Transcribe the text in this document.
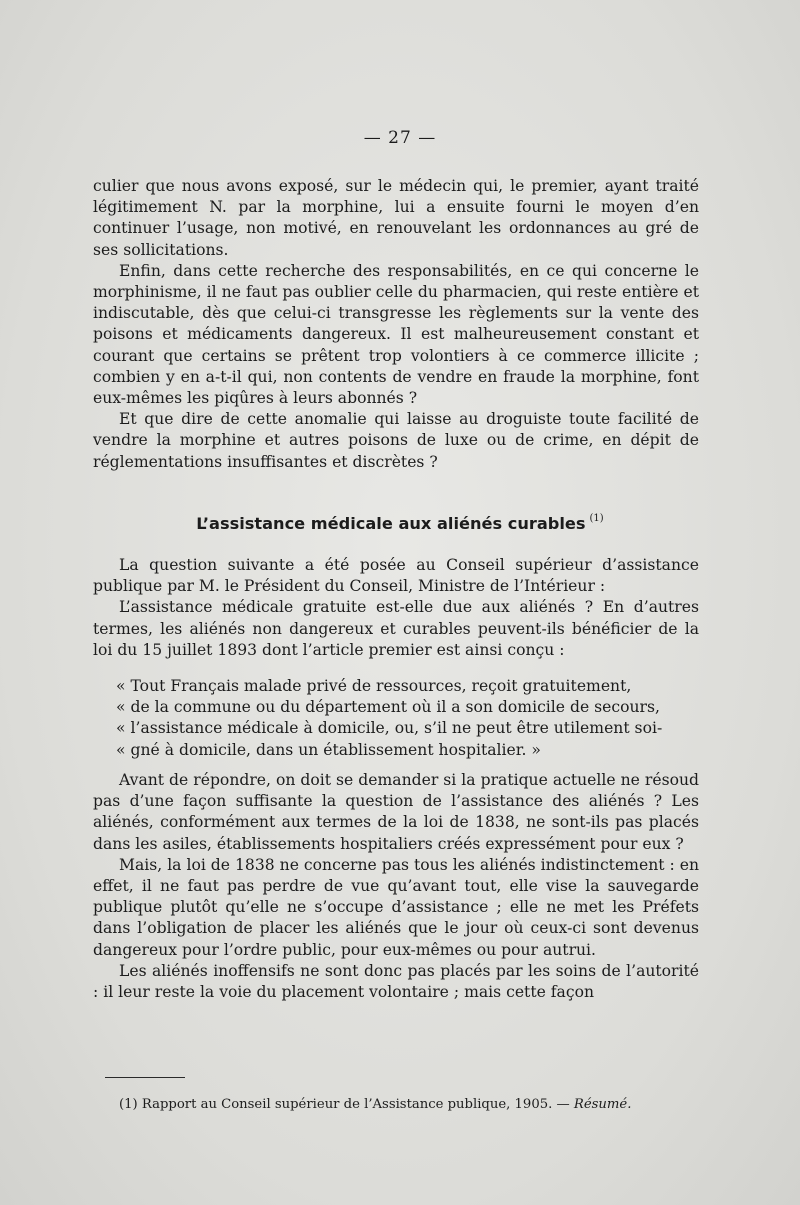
— 27 —

culier que nous avons exposé, sur le médecin qui, le premier, ayant traité légitimement N. par la morphine, lui a ensuite fourni le moyen d’en continuer l’usage, non motivé, en renouvelant les ordonnances au gré de ses sollicitations.

Enfin, dans cette recherche des responsabilités, en ce qui concerne le morphinisme, il ne faut pas oublier celle du pharmacien, qui reste entière et indiscutable, dès que celui-ci transgresse les règlements sur la vente des poisons et médicaments dangereux. Il est malheureusement constant et courant que certains se prêtent trop volontiers à ce commerce illicite ; combien y en a-t-il qui, non contents de vendre en fraude la morphine, font eux-mêmes les piqûres à leurs abonnés ?

Et que dire de cette anomalie qui laisse au droguiste toute facilité de vendre la morphine et autres poisons de luxe ou de crime, en dépit de réglementations insuffisantes et discrètes ?

L’assistance médicale aux aliénés curables $^{(1)}$

La question suivante a été posée au Conseil supérieur d’assistance publique par M. le Président du Conseil, Ministre de l’Intérieur :

L’assistance médicale gratuite est-elle due aux aliénés ? En d’autres termes, les aliénés non dangereux et curables peuvent-ils bénéficier de la loi du 15 juillet 1893 dont l’article premier est ainsi conçu :

« Tout Français malade privé de ressources, reçoit gratuitement,

« de la commune ou du département où il a son domicile de secours,

« l’assistance médicale à domicile, ou, s’il ne peut être utilement soi-

« gné à domicile, dans un établissement hospitalier. »

Avant de répondre, on doit se demander si la pratique actuelle ne résoud pas d’une façon suffisante la question de l’assistance des aliénés ? Les aliénés, conformément aux termes de la loi de 1838, ne sont-ils pas placés dans les asiles, établissements hospitaliers créés expressément pour eux ?

Mais, la loi de 1838 ne concerne pas tous les aliénés indistinctement : en effet, il ne faut pas perdre de vue qu’avant tout, elle vise la sauvegarde publique plutôt qu’elle ne s’occupe d’assistance ; elle ne met les Préfets dans l’obligation de placer les aliénés que le jour où ceux-ci sont devenus dangereux pour l’ordre public, pour eux-mêmes ou pour autrui.

Les aliénés inoffensifs ne sont donc pas placés par les soins de l’autorité : il leur reste la voie du placement volontaire ; mais cette façon

(1) Rapport au Conseil supérieur de l’Assistance publique, 1905. — Résumé.
